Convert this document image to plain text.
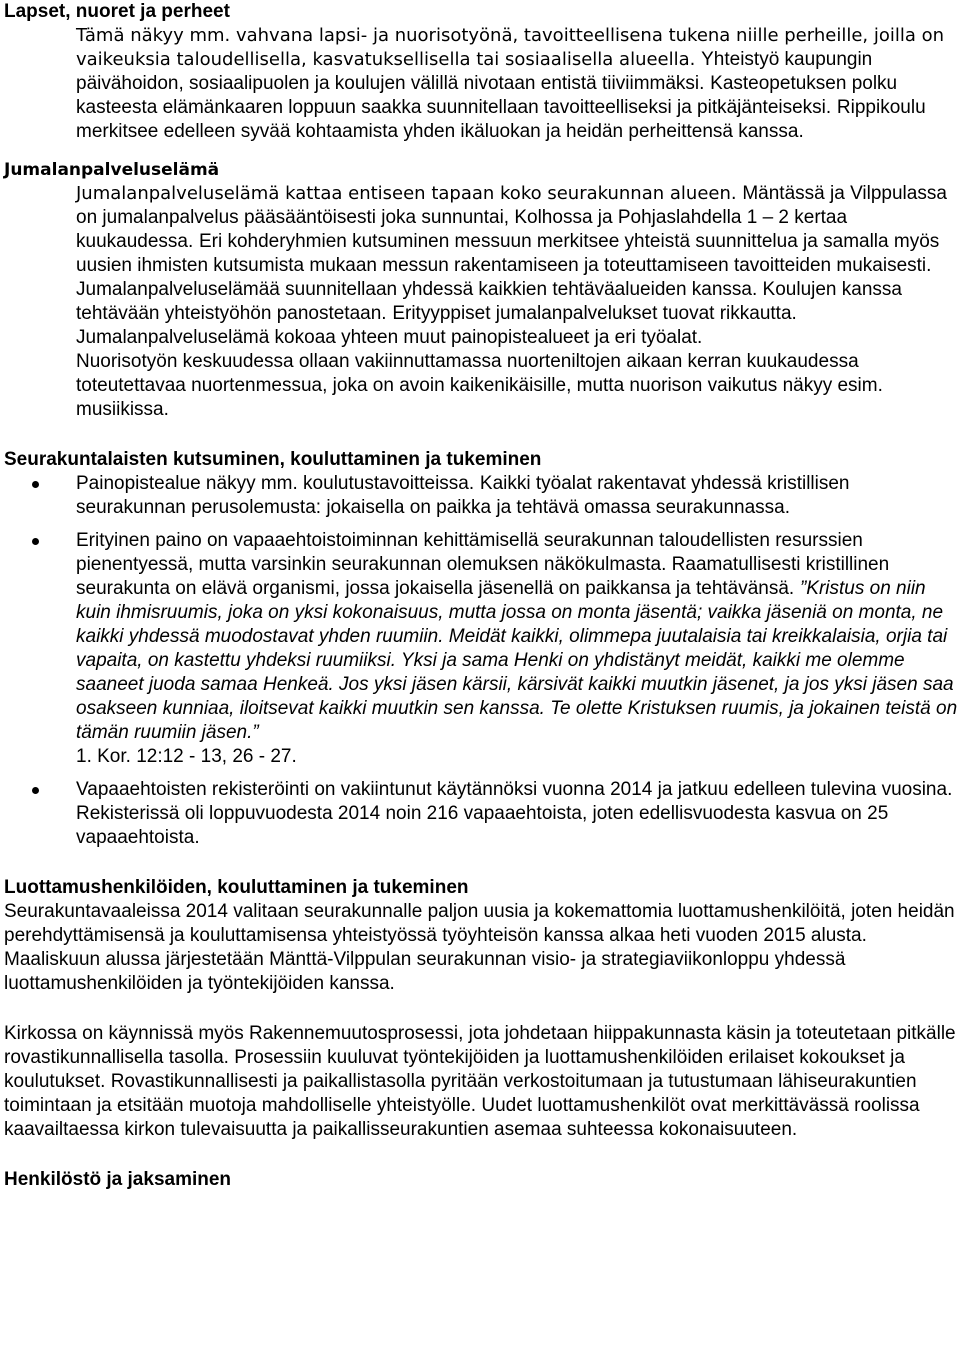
Lapset, nuoret ja perheet
Tämä näkyy mm. vahvana lapsi- ja nuorisotyönä, tavoitteellisena tukena niille perheille, joilla on vaikeuksia taloudellisella, kasvatuksellisella tai sosiaalisella alueella. Yhteistyö kaupungin päivähoidon, sosiaalipuolen ja koulujen välillä nivotaan entistä tiiviimmäksi. Kasteopetuksen polku kasteesta elämänkaaren loppuun saakka suunnitellaan tavoitteelliseksi ja pitkäjänteiseksi. Rippikoulu merkitsee edelleen syvää kohtaamista yhden ikäluokan ja heidän perheittensä kanssa.
Jumalanpalveluselämä
Jumalanpalveluselämä kattaa entiseen tapaan koko seurakunnan alueen. Mäntässä ja Vilppulassa on jumalanpalvelus pääsääntöisesti joka sunnuntai, Kolhossa ja Pohjaslahdella 1 – 2 kertaa kuukaudessa. Eri kohderyhmien kutsuminen messuun merkitsee yhteistä suunnittelua ja samalla myös uusien ihmisten kutsumista mukaan messun rakentamiseen ja toteuttamiseen tavoitteiden mukaisesti. Jumalanpalveluselämää suunnitellaan yhdessä kaikkien tehtäväalueiden kanssa. Koulujen kanssa tehtävään yhteistyöhön panostetaan. Erityyppiset jumalanpalvelukset tuovat rikkautta. Jumalanpalveluselämä kokoaa yhteen muut painopistealueet ja eri työalat.
Nuorisotyön keskuudessa ollaan vakiinnuttamassa nuorteniltojen aikaan kerran kuukaudessa toteutettavaa nuortenmessua, joka on avoin kaikenikäisille, mutta nuorison vaikutus näkyy esim. musiikissa.
Seurakuntalaisten kutsuminen, kouluttaminen ja tukeminen
Painopistealue näkyy mm. koulutustavoitteissa. Kaikki työalat rakentavat yhdessä kristillisen seurakunnan perusolemusta: jokaisella on paikka ja tehtävä omassa seurakunnassa.
Erityinen paino on vapaaehtoistoiminnan kehittämisellä seurakunnan taloudellisten resurssien pienentyessä, mutta varsinkin seurakunnan olemuksen näkökulmasta. Raamatullisesti kristillinen seurakunta on elävä organismi, jossa jokaisella jäsenellä on paikkansa ja tehtävänsä. ”Kristus on niin kuin ihmisruumis, joka on yksi kokonaisuus, mutta jossa on monta jäsentä; vaikka jäseniä on monta, ne kaikki yhdessä muodostavat yhden ruumiin. Meidät kaikki, olimmepa juutalaisia tai kreikkalaisia, orjia tai vapaita, on kastettu yhdeksi ruumiiksi. Yksi ja sama Henki on yhdistänyt meidät, kaikki me olemme saaneet juoda samaa Henkeä. Jos yksi jäsen kärsii, kärsivät kaikki muutkin jäsenet, ja jos yksi jäsen saa osakseen kunniaa, iloitsevat kaikki muutkin sen kanssa. Te olette Kristuksen ruumis, ja jokainen teistä on tämän ruumiin jäsen.”
1. Kor. 12:12 - 13, 26 - 27.
Vapaaehtoisten rekisteröinti on vakiintunut käytännöksi vuonna 2014 ja jatkuu edelleen tulevina vuosina. Rekisterissä oli loppuvuodesta 2014 noin 216 vapaaehtoista, joten edellisvuodesta kasvua on 25 vapaaehtoista.
Luottamushenkilöiden, kouluttaminen ja tukeminen
Seurakuntavaaleissa 2014 valitaan seurakunnalle paljon uusia ja kokemattomia luottamushenkilöitä, joten heidän perehdyttämisensä ja kouluttamisensa yhteistyössä työyhteisön kanssa alkaa heti vuoden 2015 alusta. Maaliskuun alussa järjestetään Mänttä-Vilppulan seurakunnan visio- ja strategiaviikonloppu yhdessä luottamushenkilöiden ja työntekijöiden kanssa.
Kirkossa on käynnissä myös Rakennemuutosprosessi, jota johdetaan hiippakunnasta käsin ja toteutetaan pitkälle rovastikunnallisella tasolla. Prosessiin kuuluvat työntekijöiden ja luottamushenkilöiden erilaiset kokoukset ja koulutukset. Rovastikunnallisesti ja paikallistasolla pyritään verkostoitumaan ja tutustumaan lähiseurakuntien toimintaan ja etsitään muotoja mahdolliselle yhteistyölle. Uudet luottamushenkilöt ovat merkittävässä roolissa kaavailtaessa kirkon tulevaisuutta ja paikallisseurakuntien asemaa suhteessa kokonaisuuteen.
Henkilöstö ja jaksaminen
